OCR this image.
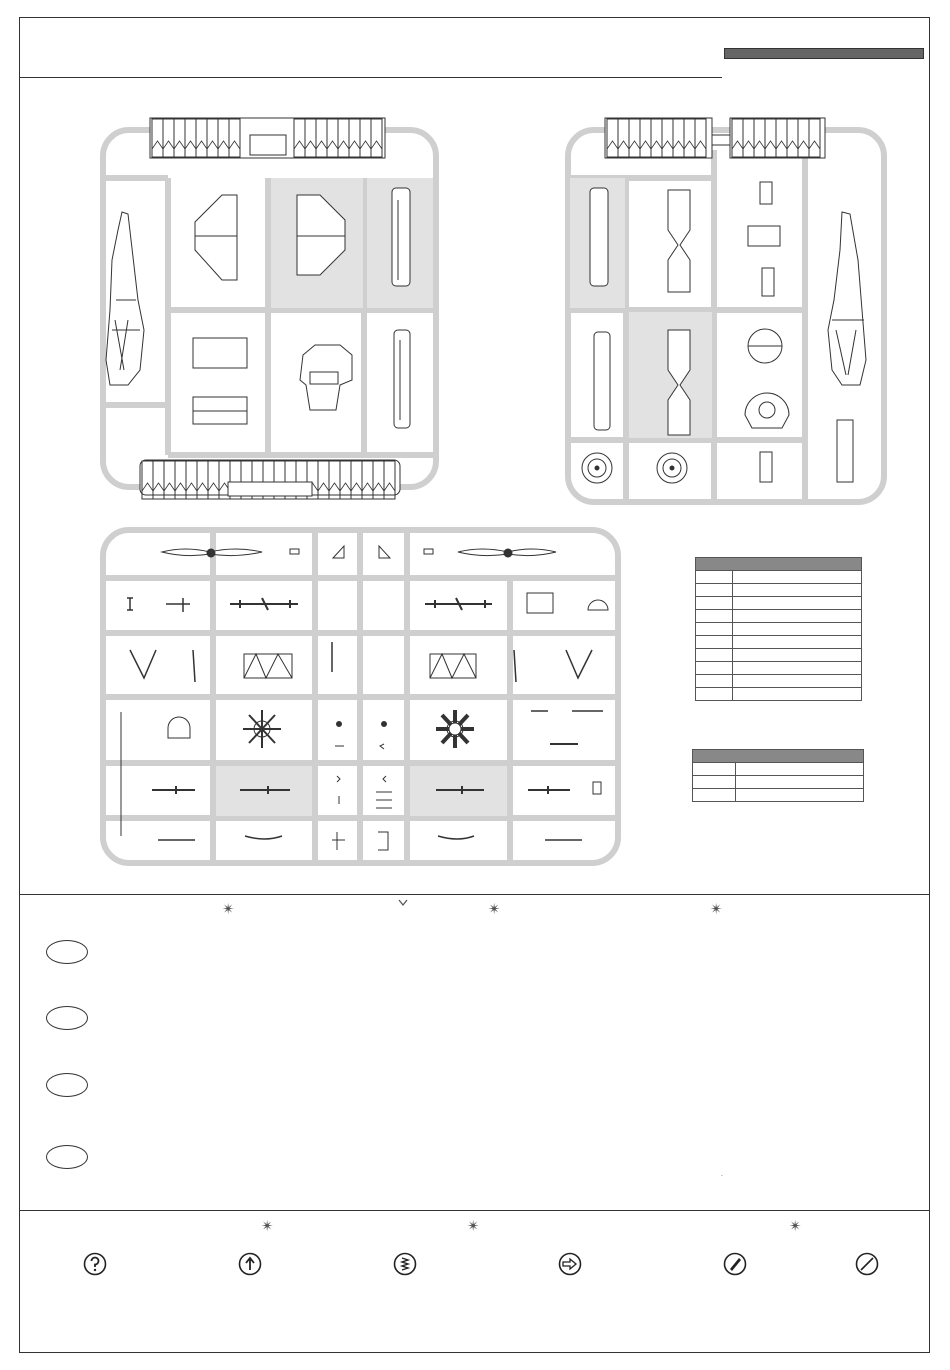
✴	✴	✴
˙
✴	✴	✴
